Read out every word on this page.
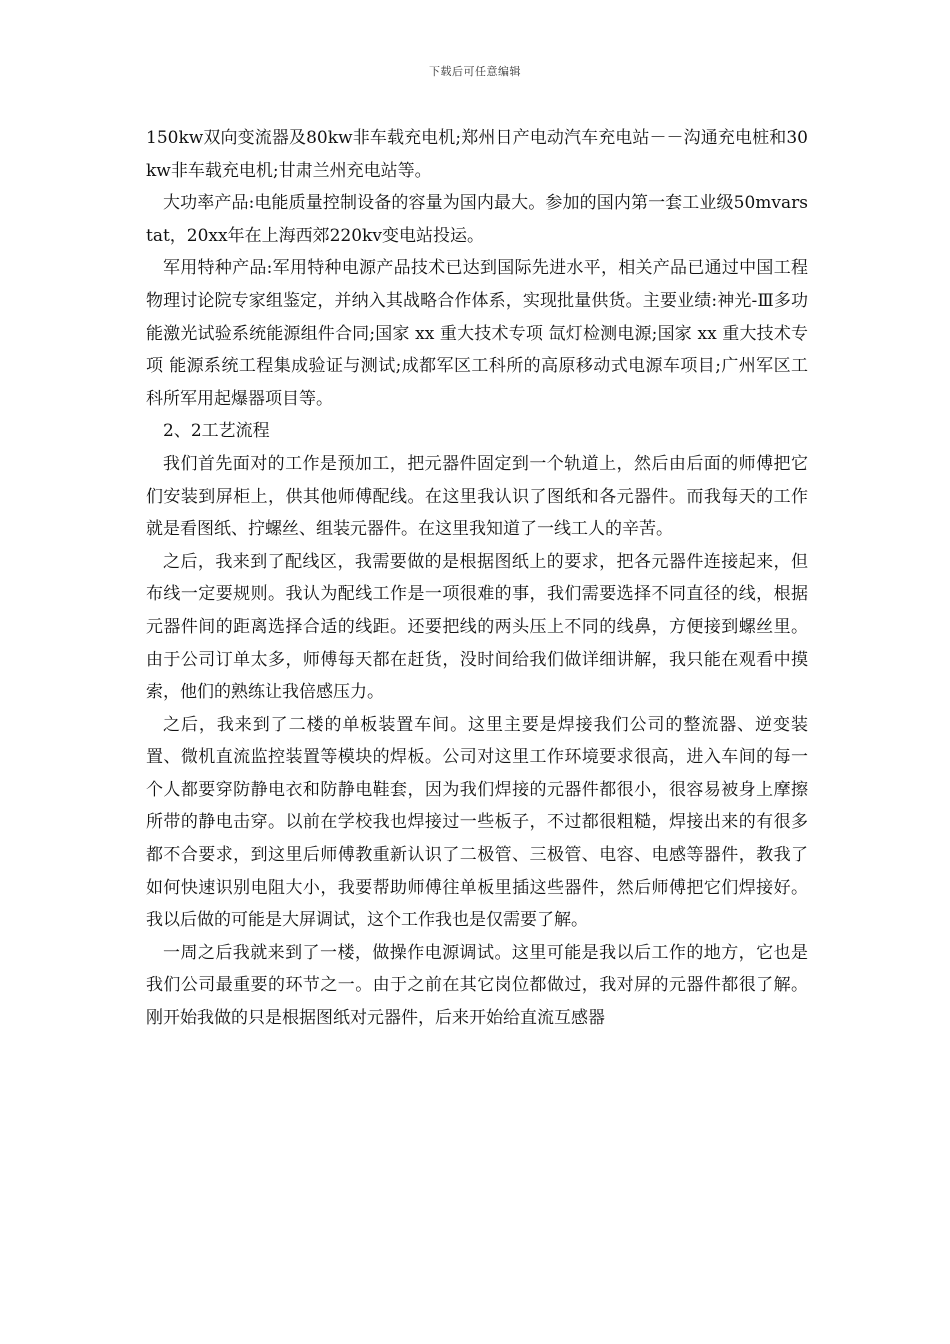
下载后可任意编辑

150kw双向变流器及80kw非车载充电机;郑州日产电动汽车充电站－－沟通充电桩和30kw非车载充电机;甘肃兰州充电站等。

大功率产品:电能质量控制设备的容量为国内最大。参加的国内第一套工业级50mvarstat，20xx年在上海西郊220kv变电站投运。

军用特种产品:军用特种电源产品技术已达到国际先进水平，相关产品已通过中国工程物理讨论院专家组鉴定，并纳入其战略合作体系，实现批量供货。主要业绩:神光-Ⅲ多功能激光试验系统能源组件合同;国家 xx 重大技术专项 氙灯检测电源;国家 xx 重大技术专项 能源系统工程集成验证与测试;成都军区工科所的高原移动式电源车项目;广州军区工科所军用起爆器项目等。

2、2工艺流程

我们首先面对的工作是预加工，把元器件固定到一个轨道上，然后由后面的师傅把它们安装到屏柜上，供其他师傅配线。在这里我认识了图纸和各元器件。而我每天的工作就是看图纸、拧螺丝、组装元器件。在这里我知道了一线工人的辛苦。

之后，我来到了配线区，我需要做的是根据图纸上的要求，把各元器件连接起来，但布线一定要规则。我认为配线工作是一项很难的事，我们需要选择不同直径的线，根据元器件间的距离选择合适的线距。还要把线的两头压上不同的线鼻，方便接到螺丝里。由于公司订单太多，师傅每天都在赶货，没时间给我们做详细讲解，我只能在观看中摸索，他们的熟练让我倍感压力。

之后，我来到了二楼的单板装置车间。这里主要是焊接我们公司的整流器、逆变装置、微机直流监控装置等模块的焊板。公司对这里工作环境要求很高，进入车间的每一个人都要穿防静电衣和防静电鞋套，因为我们焊接的元器件都很小，很容易被身上摩擦所带的静电击穿。以前在学校我也焊接过一些板子，不过都很粗糙，焊接出来的有很多都不合要求，到这里后师傅教重新认识了二极管、三极管、电容、电感等器件，教我了如何快速识别电阻大小，我要帮助师傅往单板里插这些器件，然后师傅把它们焊接好。我以后做的可能是大屏调试，这个工作我也是仅需要了解。

一周之后我就来到了一楼，做操作电源调试。这里可能是我以后工作的地方，它也是我们公司最重要的环节之一。由于之前在其它岗位都做过，我对屏的元器件都很了解。刚开始我做的只是根据图纸对元器件，后来开始给直流互感器
